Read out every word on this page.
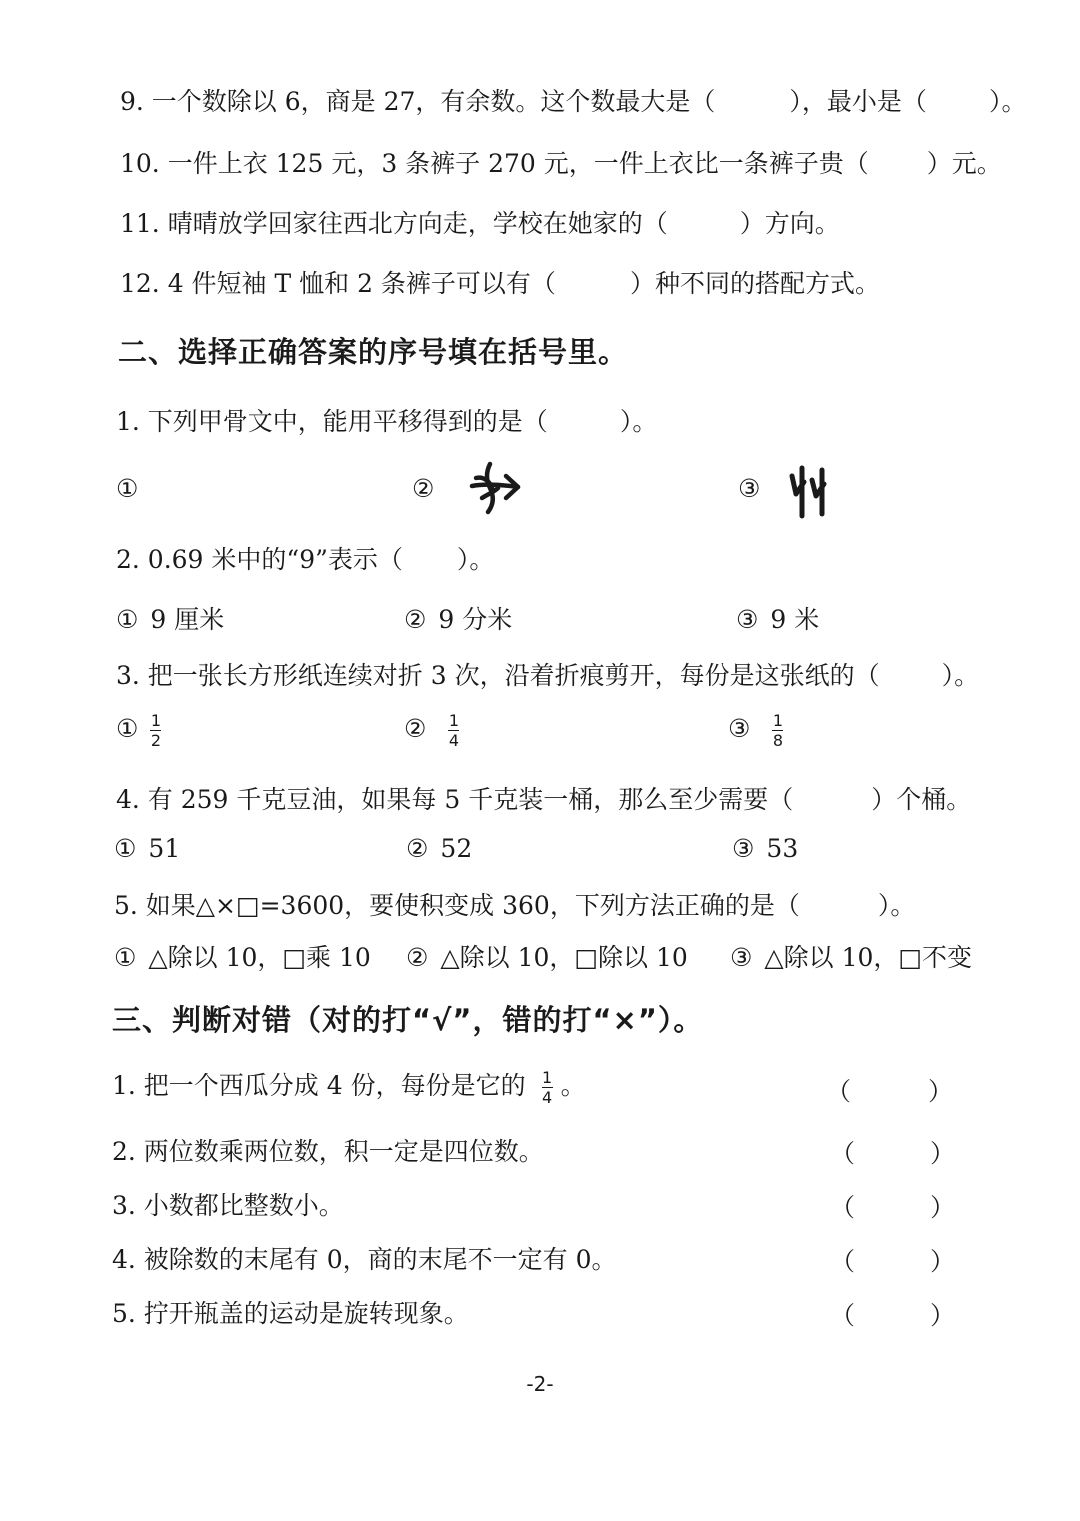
9. 一个数除以 6，商是 27，有余数。这个数最大是（	），最小是（ ）。
10. 一件上衣 125 元，3 条裤子 270 元，一件上衣比一条裤子贵（ ）元。
11. 晴晴放学回家往西北方向走，学校在她家的（	）方向。
12. 4 件短袖 T 恤和 2 条裤子可以有（	）种不同的搭配方式。
二、选择正确答案的序号填在括号里。
1. 下列甲骨文中，能用平移得到的是（	）。
①	②	③
2. 0.69 米中的“9”表示（ ）。
① 9 厘米	② 9 分米	③ 9 米
3. 把一张长方形纸连续对折 3 次，沿着折痕剪开，每份是这张纸的（ ）。
① $\frac{1}{2}$	② $\frac{1}{4}$	③ $\frac{1}{8}$
4. 有 259 千克豆油，如果每 5 千克装一桶，那么至少需要（	）个桶。
① 51	② 52	③ 53
5. 如果△×□=3600，要使积变成 360，下列方法正确的是（	）。
① △除以 10，□乘 10 ② △除以 10，□除以 10 ③ △除以 10，□不变
三、判断对错（对的打“√”，错的打“×”）。
1. 把一个西瓜分成 4 份，每份是它的 $\frac{1}{4}$ 。	（	）
2. 两位数乘两位数，积一定是四位数。	（	）
3. 小数都比整数小。	（	）
4. 被除数的末尾有 0，商的末尾不一定有 0。	（	）
5. 拧开瓶盖的运动是旋转现象。	（	）
-2-
